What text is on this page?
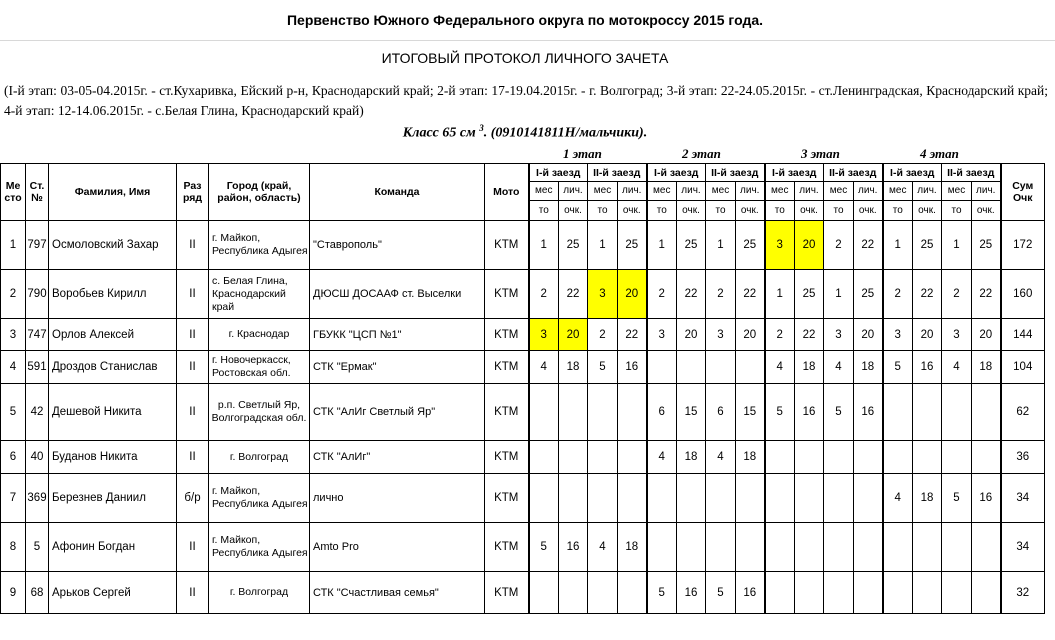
Первенство Южного Федерального округа по мотокроссу 2015 года.
ИТОГОВЫЙ ПРОТОКОЛ ЛИЧНОГО ЗАЧЕТА
(I-й этап: 03-05-04.2015г. - ст.Кухаривка, Ейский р-н, Краснодарский край; 2-й этап: 17-19.04.2015г. - г. Волгоград; 3-й этап: 22-24.05.2015г. - ст.Ленинградская, Краснодарский край; 4-й этап: 12-14.06.2015г. - с.Белая Глина, Краснодарский край)
Класс 65 см $^3$. (0910141811Н/мальчики).
1 этап	2 этап	3 этап	4 этап
Ме сто	Ст. №	Фамилия, Имя	Раз ряд	Город (край, район, область)	Команда	Мото	I-й заезд		II-й заезд		I-й заезд		II-й заезд		I-й заезд		II-й заезд		I-й заезд		II-й заезд		Сум Очк
							мес	лич.	мес	лич.	мес	лич.	мес	лич.	мес	лич.	мес	лич.	мес	лич.	мес	лич.	
							то	очк.	то	очк.	то	очк.	то	очк.	то	очк.	то	очк.	то	очк.	то	очк.	
1	797	Осмоловский Захар	II	г. Майкоп, Республика Адыгея	"Ставрополь"	KTM	1	25	1	25	1	25	1	25	3	20	2	22	1	25	1	25	172
2	790	Воробьев Кирилл	II	с. Белая Глина, Краснодарский край	ДЮСШ ДОСААФ ст. Выселки	KTM	2	22	3	20	2	22	2	22	1	25	1	25	2	22	2	22	160
3	747	Орлов Алексей	II	г. Краснодар	ГБУКК "ЦСП №1"	KTM	3	20	2	22	3	20	3	20	2	22	3	20	3	20	3	20	144
4	591	Дроздов Станислав	II	г. Новочеркасск, Ростовская обл.	СТК "Ермак"	KTM	4	18	5	16					4	18	4	18	5	16	4	18	104
5	42	Дешевой Никита	II	р.п. Светлый Яр, Волгоградская обл.	СТК "АлИг Светлый Яр"	KTM					6	15	6	15	5	16	5	16					62
6	40	Буданов Никита	II	г. Волгоград	СТК "АлИг"	KTM					4	18	4	18									36
7	369	Березнев Даниил	б/р	г. Майкоп, Республика Адыгея	лично	KTM													4	18	5	16	34
8	5	Афонин Богдан	II	г. Майкоп, Республика Адыгея	Amto Pro	KTM	5	16	4	18													34
9	68	Арьков Сергей	II	г. Волгоград	СТК "Счастливая семья"	KTM					5	16	5	16									32
